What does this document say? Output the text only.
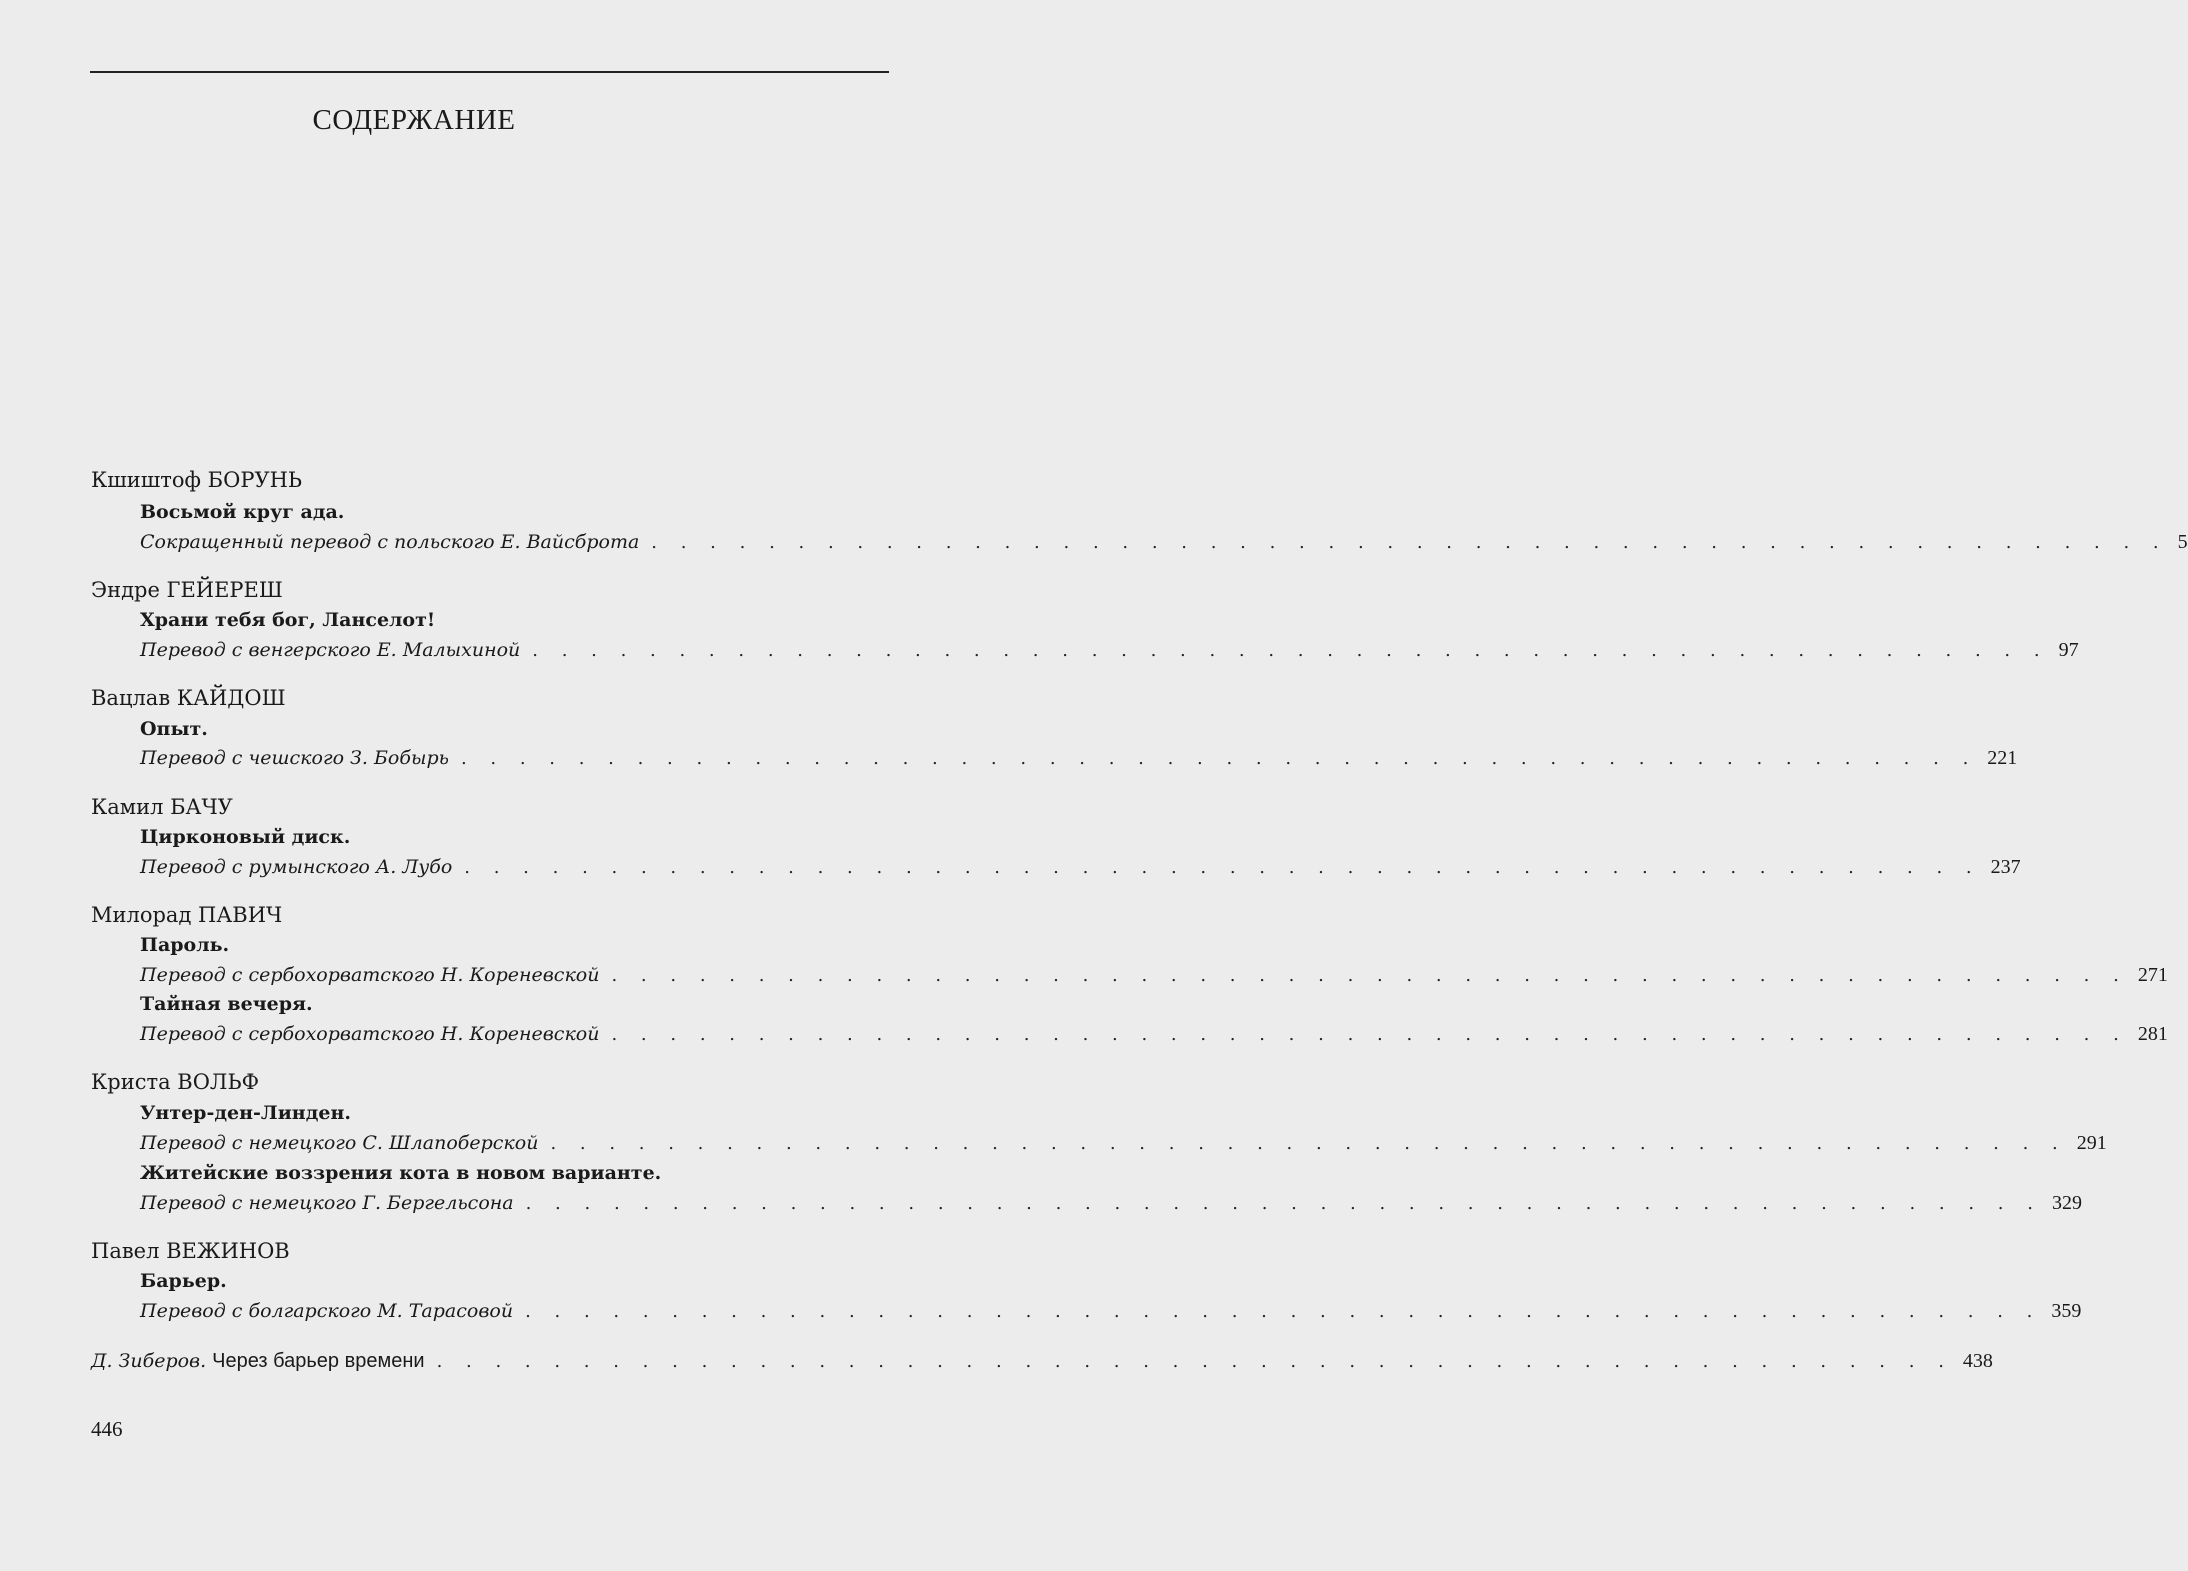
СОДЕРЖАНИЕ
Кшиштоф БОРУНЬ
Восьмой круг ада.
Сокращенный перевод с польского Е. Вайсброта . . . . . . . . . . . . . . . . . . . . . . . . . . . . . . . . . . . . . . . . . . . . . . . . . . . . 5
Эндре ГЕЙЕРЕШ
Храни тебя бог, Ланселот!
Перевод с венгерского Е. Малыхиной . . . . . . . . . . . . . . . . . . . . . . . . . . . . . . . . . . . . . . . . . . . . . . . . . . . . 97
Вацлав КАЙДОШ
Опыт.
Перевод с чешского З. Бобырь . . . . . . . . . . . . . . . . . . . . . . . . . . . . . . . . . . . . . . . . . . . . . . . . . . . . 221
Камил БАЧУ
Цирконовый диск.
Перевод с румынского А. Лубо . . . . . . . . . . . . . . . . . . . . . . . . . . . . . . . . . . . . . . . . . . . . . . . . . . . . 237
Милорад ПАВИЧ
Пароль.
Перевод с сербохорватского Н. Кореневской . . . . . . . . . . . . . . . . . . . . . . . . . . . . . . . . . . . . . . . . . . . . . . . . . . . . 271
Тайная вечеря.
Перевод с сербохорватского Н. Кореневской . . . . . . . . . . . . . . . . . . . . . . . . . . . . . . . . . . . . . . . . . . . . . . . . . . . . 281
Криста ВОЛЬФ
Унтер-ден-Линден.
Перевод с немецкого С. Шлапоберской . . . . . . . . . . . . . . . . . . . . . . . . . . . . . . . . . . . . . . . . . . . . . . . . . . . . 291
Житейские воззрения кота в новом варианте.
Перевод с немецкого Г. Бергельсона . . . . . . . . . . . . . . . . . . . . . . . . . . . . . . . . . . . . . . . . . . . . . . . . . . . . 329
Павел ВЕЖИНОВ
Барьер.
Перевод с болгарского М. Тарасовой . . . . . . . . . . . . . . . . . . . . . . . . . . . . . . . . . . . . . . . . . . . . . . . . . . . . 359
Д. Зиберов. Через барьер времени . . . . . . . . . . . . . . . . . . . . . . . . . . . . . . . . . . . . . . . . . . . . . . . . . . . . 438
446
